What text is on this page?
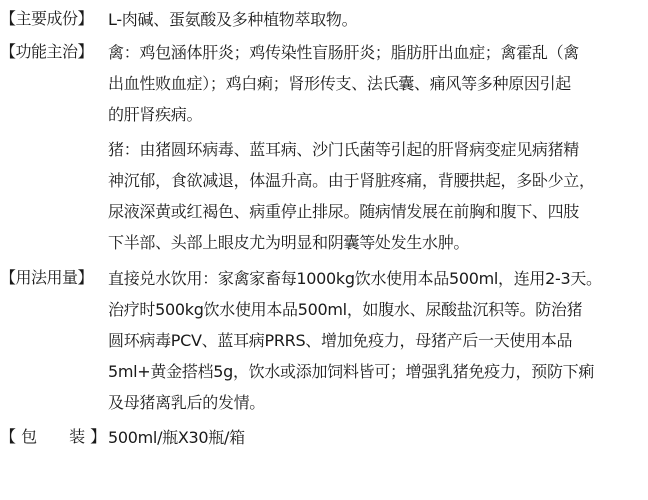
【主要成份】 L-肉碱、蛋氨酸及多种植物萃取物。
【功能主治】 禽：鸡包涵体肝炎；鸡传染性盲肠肝炎；脂肪肝出血症；禽霍乱（禽
出血性败血症）；鸡白痢；肾形传支、法氏囊、痛风等多种原因引起
的肝肾疾病。
猪：由猪圆环病毒、蓝耳病、沙门氏菌等引起的肝肾病变症见病猪精
神沉郁，食欲减退，体温升高。由于肾脏疼痛，背腰拱起，多卧少立，
尿液深黄或红褐色、病重停止排尿。随病情发展在前胸和腹下、四肢
下半部、头部上眼皮尤为明显和阴囊等处发生水肿。
【用法用量】 直接兑水饮用：家禽家畜每1000kg饮水使用本品500ml，连用2-3天。
治疗时500kg饮水使用本品500ml，如腹水、尿酸盐沉积等。防治猪
圆环病毒PCV、蓝耳病PRRS、增加免疫力，母猪产后一天使用本品
5ml+黄金搭档5g，饮水或添加饲料皆可；增强乳猪免疫力，预防下痢
及母猪离乳后的发情。
【 包　　装 】 500ml/瓶X30瓶/箱
